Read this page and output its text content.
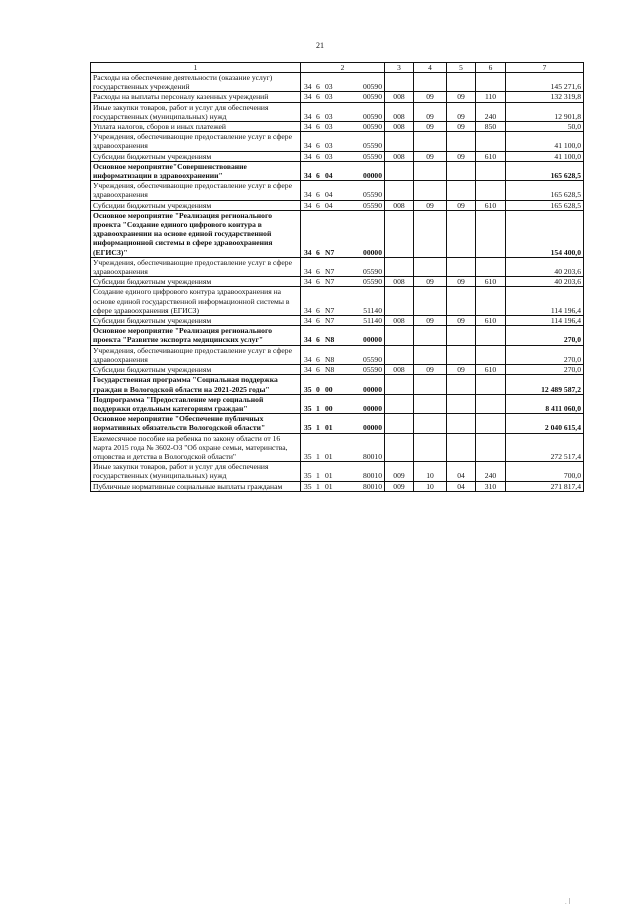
21
1	2	3	4	5	6	7
Расходы на обеспечение деятельности (оказание услуг) государственных учреждений	34 6 03 00590					145 271,6
Расходы на выплаты персоналу казенных учреждений	34 6 03 00590	008	09	09	110	132 319,8
Иные закупки товаров, работ и услуг для обеспечения государственных (муниципальных) нужд	34 6 03 00590	008	09	09	240	12 901,8
Уплата налогов, сборов и иных платежей	34 6 03 00590	008	09	09	850	50,0
Учреждения, обеспечивающие предоставление услуг в сфере здравоохранения	34 6 03 05590					41 100,0
Субсидии бюджетным учреждениям	34 6 03 05590	008	09	09	610	41 100,0
Основное мероприятие"Совершенствование информатизации в здравоохранении"	34 6 04 00000					165 628,5
Учреждения, обеспечивающие предоставление услуг в сфере здравоохранения	34 6 04 05590					165 628,5
Субсидии бюджетным учреждениям	34 6 04 05590	008	09	09	610	165 628,5
Основное мероприятие "Реализация регионального проекта "Создание единого цифрового контура в здравоохранении на основе единой государственной информационной системы в сфере здравоохранения (ЕГИСЗ)"	34 6 N7 00000					154 400,0
Учреждения, обеспечивающие предоставление услуг в сфере здравоохранения	34 6 N7 05590					40 203,6
Субсидии бюджетным учреждениям	34 6 N7 05590	008	09	09	610	40 203,6
Создание единого цифрового контура здравоохранения на основе единой государственной информационной системы в сфере здравоохранения (ЕГИСЗ)	34 6 N7 51140					114 196,4
Субсидии бюджетным учреждениям	34 6 N7 51140	008	09	09	610	114 196,4
Основное мероприятие "Реализация регионального проекта "Развитие экспорта медицинских услуг"	34 6 N8 00000					270,0
Учреждения, обеспечивающие предоставление услуг в сфере здравоохранения	34 6 N8 05590					270,0
Субсидии бюджетным учреждениям	34 6 N8 05590	008	09	09	610	270,0
Государственная программа "Социальная поддержка граждан в Вологодской области на 2021-2025 годы"	35 0 00 00000					12 489 587,2
Подпрограмма "Предоставление мер социальной поддержки отдельным категориям граждан"	35 1 00 00000					8 411 060,0
Основное мероприятие "Обеспечение публичных нормативных обязательств Вологодской области"	35 1 01 00000					2 040 615,4
Ежемесячное пособие на ребенка по закону области от 16 марта 2015 года № 3602-ОЗ "Об охране семьи, материнства, отцовства и детства в Вологодской области"	35 1 01 80010					272 517,4
Иные закупки товаров, работ и услуг для обеспечения государственных (муниципальных) нужд	35 1 01 80010	009	10	04	240	700,0
Публичные нормативные социальные выплаты гражданам	35 1 01 80010	009	10	04	310	271 817,4
ˎ ׀
